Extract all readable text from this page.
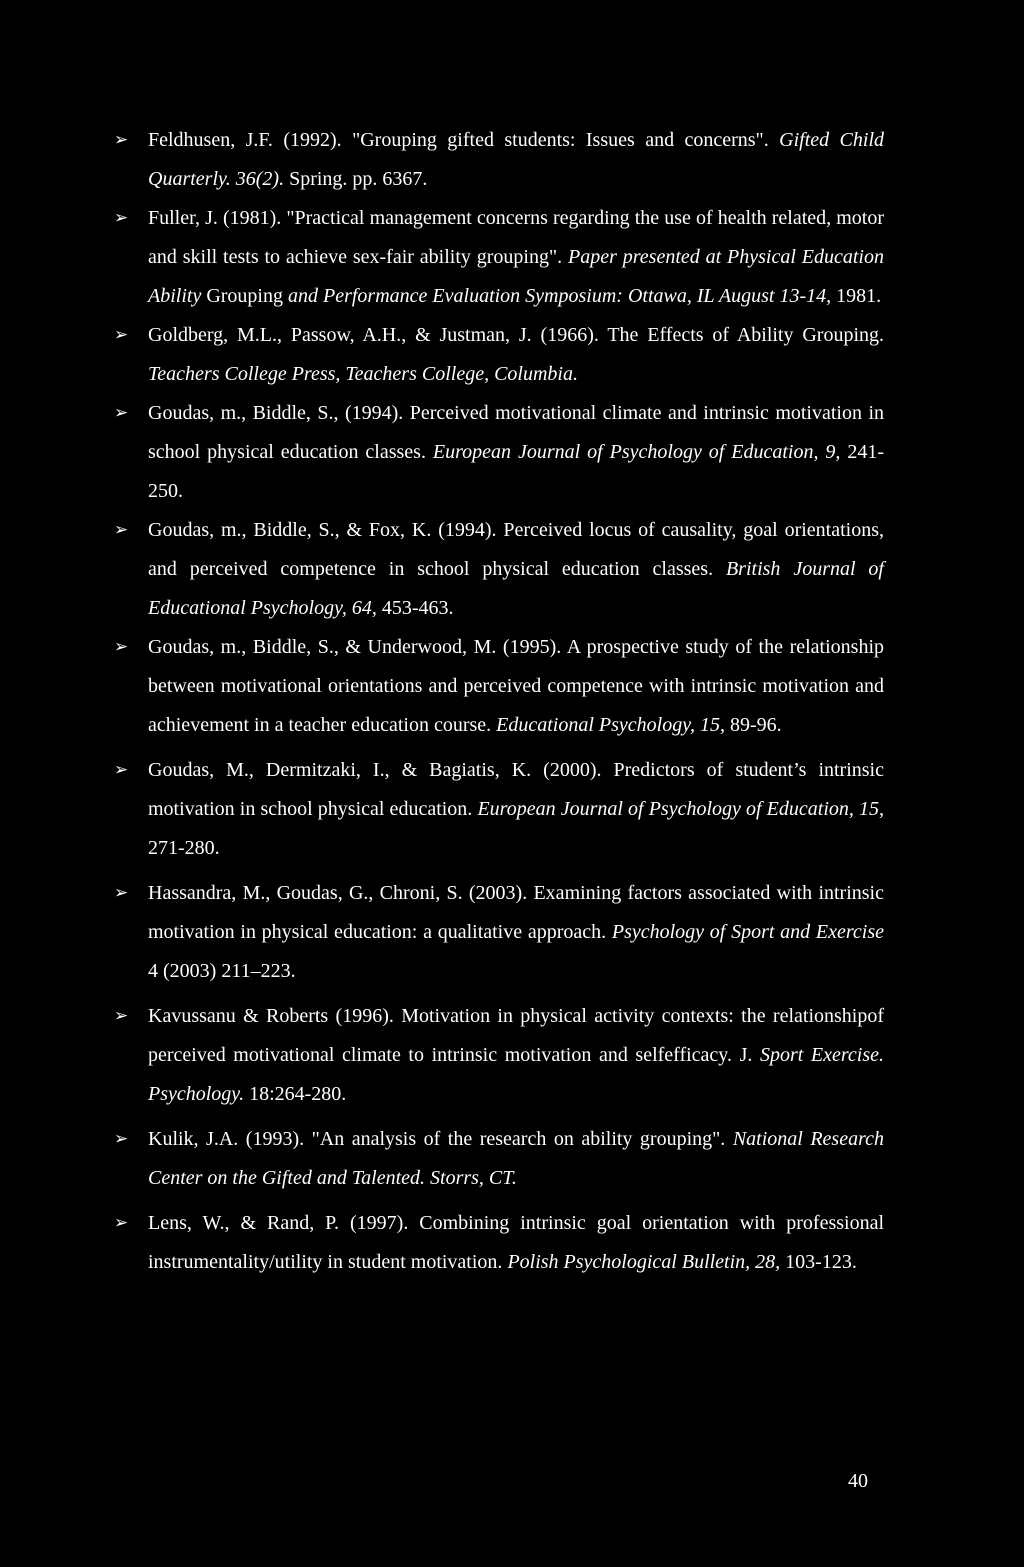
➢ Feldhusen, J.F. (1992). "Grouping gifted students: Issues and concerns". Gifted Child Quarterly. 36(2). Spring. pp. 6367.
➢ Fuller, J. (1981). "Practical management concerns regarding the use of health related, motor and skill tests to achieve sex-fair ability grouping". Paper presented at Physical Education Ability Grouping and Performance Evaluation Symposium: Ottawa, IL August 13-14, 1981.
➢ Goldberg, M.L., Passow, A.H., & Justman, J. (1966). The Effects of Ability Grouping. Teachers College Press, Teachers College, Columbia.
➢ Goudas, m., Biddle, S., (1994). Perceived motivational climate and intrinsic motivation in school physical education classes. European Journal of Psychology of Education, 9, 241-250.
➢ Goudas, m., Biddle, S., & Fox, K. (1994). Perceived locus of causality, goal orientations, and perceived competence in school physical education classes. British Journal of Educational Psychology, 64, 453-463.
➢ Goudas, m., Biddle, S., & Underwood, M. (1995). A prospective study of the relationship between motivational orientations and perceived competence with intrinsic motivation and achievement in a teacher education course. Educational Psychology, 15, 89-96.
➢ Goudas, M., Dermitzaki, I., & Bagiatis, K. (2000). Predictors of student’s intrinsic motivation in school physical education. European Journal of Psychology of Education, 15, 271-280.
➢ Hassandra, M., Goudas, G., Chroni, S. (2003). Examining factors associated with intrinsic motivation in physical education: a qualitative approach. Psychology of Sport and Exercise 4 (2003) 211–223.
➢ Kavussanu & Roberts (1996). Motivation in physical activity contexts: the relationshipof perceived motivational climate to intrinsic motivation and selfefficacy. J. Sport Exercise. Psychology. 18:264-280.
➢ Kulik, J.A. (1993). "An analysis of the research on ability grouping". National Research Center on the Gifted and Talented. Storrs, CT.
➢ Lens, W., & Rand, P. (1997). Combining intrinsic goal orientation with professional instrumentality/utility in student motivation. Polish Psychological Bulletin, 28, 103-123.
40
